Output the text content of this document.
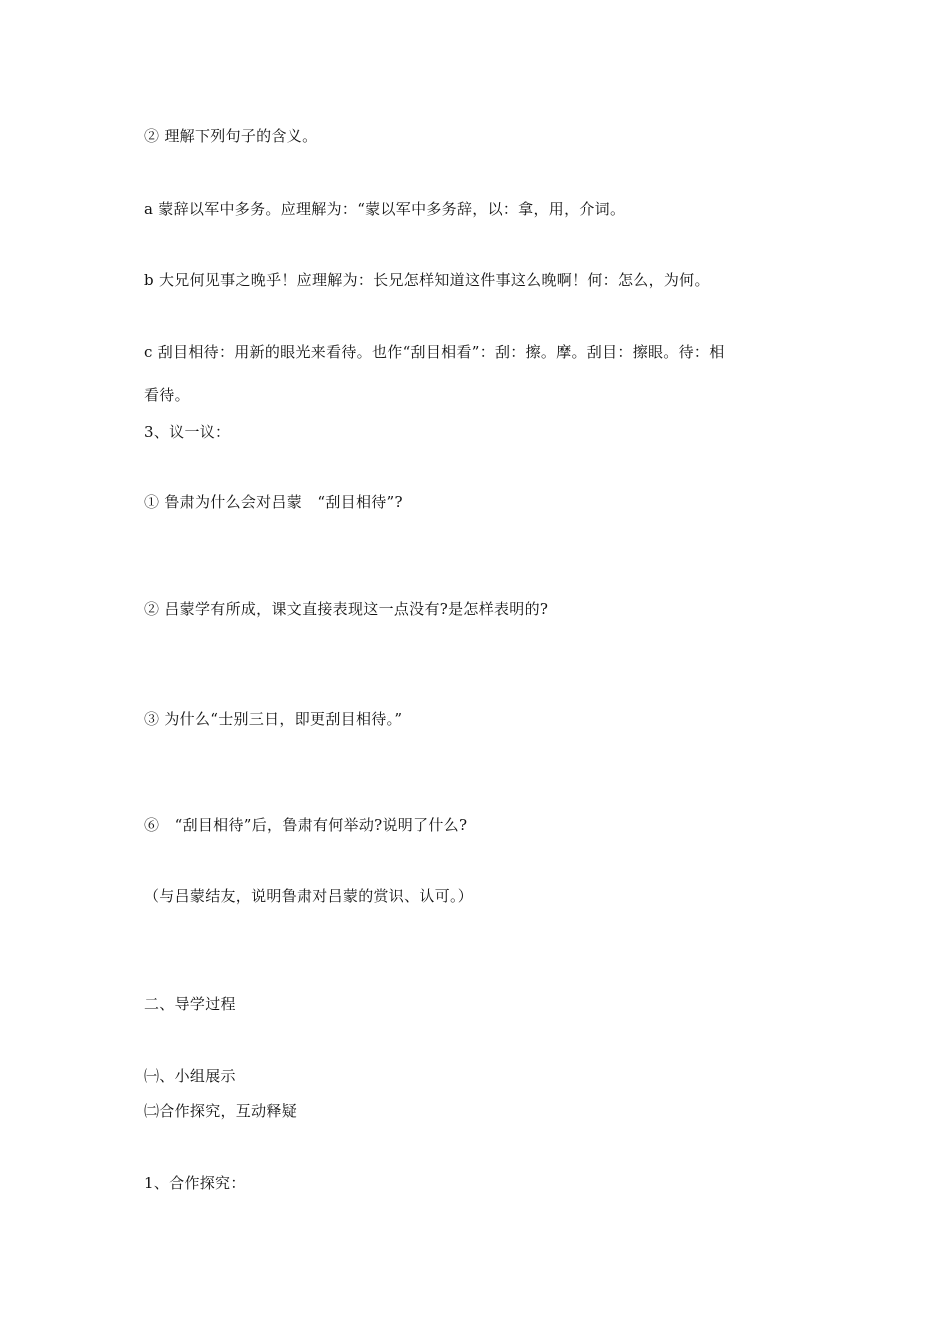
② 理解下列句子的含义。
a 蒙辞以军中多务。应理解为：“蒙以军中多务辞，以：拿，用，介词。
b 大兄何见事之晚乎！应理解为：长兄怎样知道这件事这么晚啊！何：怎么，为何。
c 刮目相待：用新的眼光来看待。也作“刮目相看”：刮：擦。摩。刮目：擦眼。待：相
看待。
3、议一议：
① 鲁肃为什么会对吕蒙　“刮目相待”?
② 吕蒙学有所成，课文直接表现这一点没有?是怎样表明的?
③ 为什么“士别三日，即更刮目相待。”
⑥　“刮目相待”后，鲁肃有何举动?说明了什么?
（与吕蒙结友，说明鲁肃对吕蒙的赏识、认可。）
二、导学过程
㈠、小组展示
㈡合作探究，互动释疑
1、合作探究：
